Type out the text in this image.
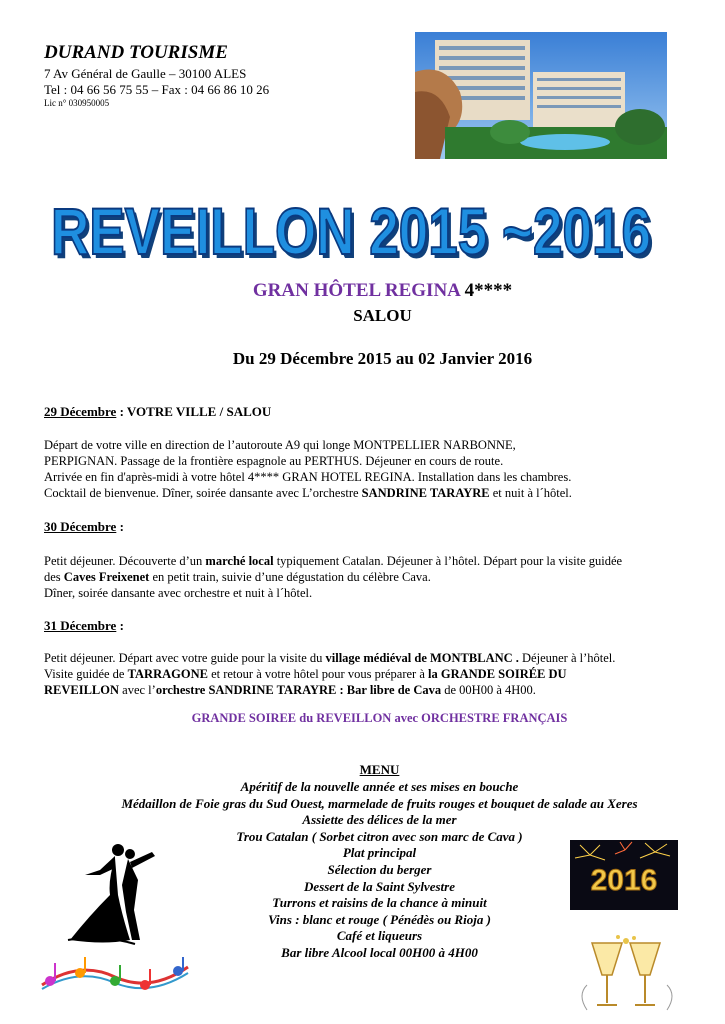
DURAND TOURISME
7 Av Général de Gaulle – 30100 ALES
Tel : 04 66 56 75 55 – Fax : 04 66 86 10 26
Lic n° 030950005
REVEILLON 2015 ~2016
REVEILLON 2015 ~2016
GRAN HÔTEL REGINA 4****
SALOU
Du 29 Décembre 2015 au 02 Janvier 2016
29 Décembre : VOTRE VILLE / SALOU
Départ de votre ville en direction de l’autoroute A9 qui longe MONTPELLIER NARBONNE,
PERPIGNAN. Passage de la frontière espagnole au PERTHUS. Déjeuner en cours de route.
Arrivée en fin d'après-midi à votre hôtel 4**** GRAN HOTEL REGINA. Installation dans les chambres.
Cocktail de bienvenue. Dîner, soirée dansante avec L’orchestre SANDRINE TARAYRE et nuit à l´hôtel.
30 Décembre :
Petit déjeuner. Découverte d’un marché local typiquement Catalan. Déjeuner à l’hôtel. Départ pour la visite guidée
des Caves Freixenet en petit train, suivie d’une dégustation du célèbre Cava.
Dîner, soirée dansante avec orchestre et nuit à l´hôtel.
31 Décembre :
Petit déjeuner. Départ avec votre guide pour la visite du village médiéval de MONTBLANC . Déjeuner à l’hôtel.
Visite guidée de TARRAGONE et retour à votre hôtel pour vous préparer à la GRANDE SOIRÉE DU
REVEILLON avec l’orchestre SANDRINE TARAYRE : Bar libre de Cava de 00H00 à 4H00.
GRANDE SOIREE du REVEILLON avec ORCHESTRE FRANÇAIS
MENU
Apéritif de la nouvelle année et ses mises en bouche
Médaillon de Foie gras du Sud Ouest, marmelade de fruits rouges et bouquet de salade au Xeres
Assiette des délices de la mer
Trou Catalan ( Sorbet citron avec son marc de Cava )
Plat principal
Sélection du berger
Dessert de la Saint Sylvestre
Turrons et raisins de la chance à minuit
Vins : blanc et rouge ( Pénédès ou Rioja )
Café et liqueurs
Bar libre Alcool local 00H00 à 4H00
2016
